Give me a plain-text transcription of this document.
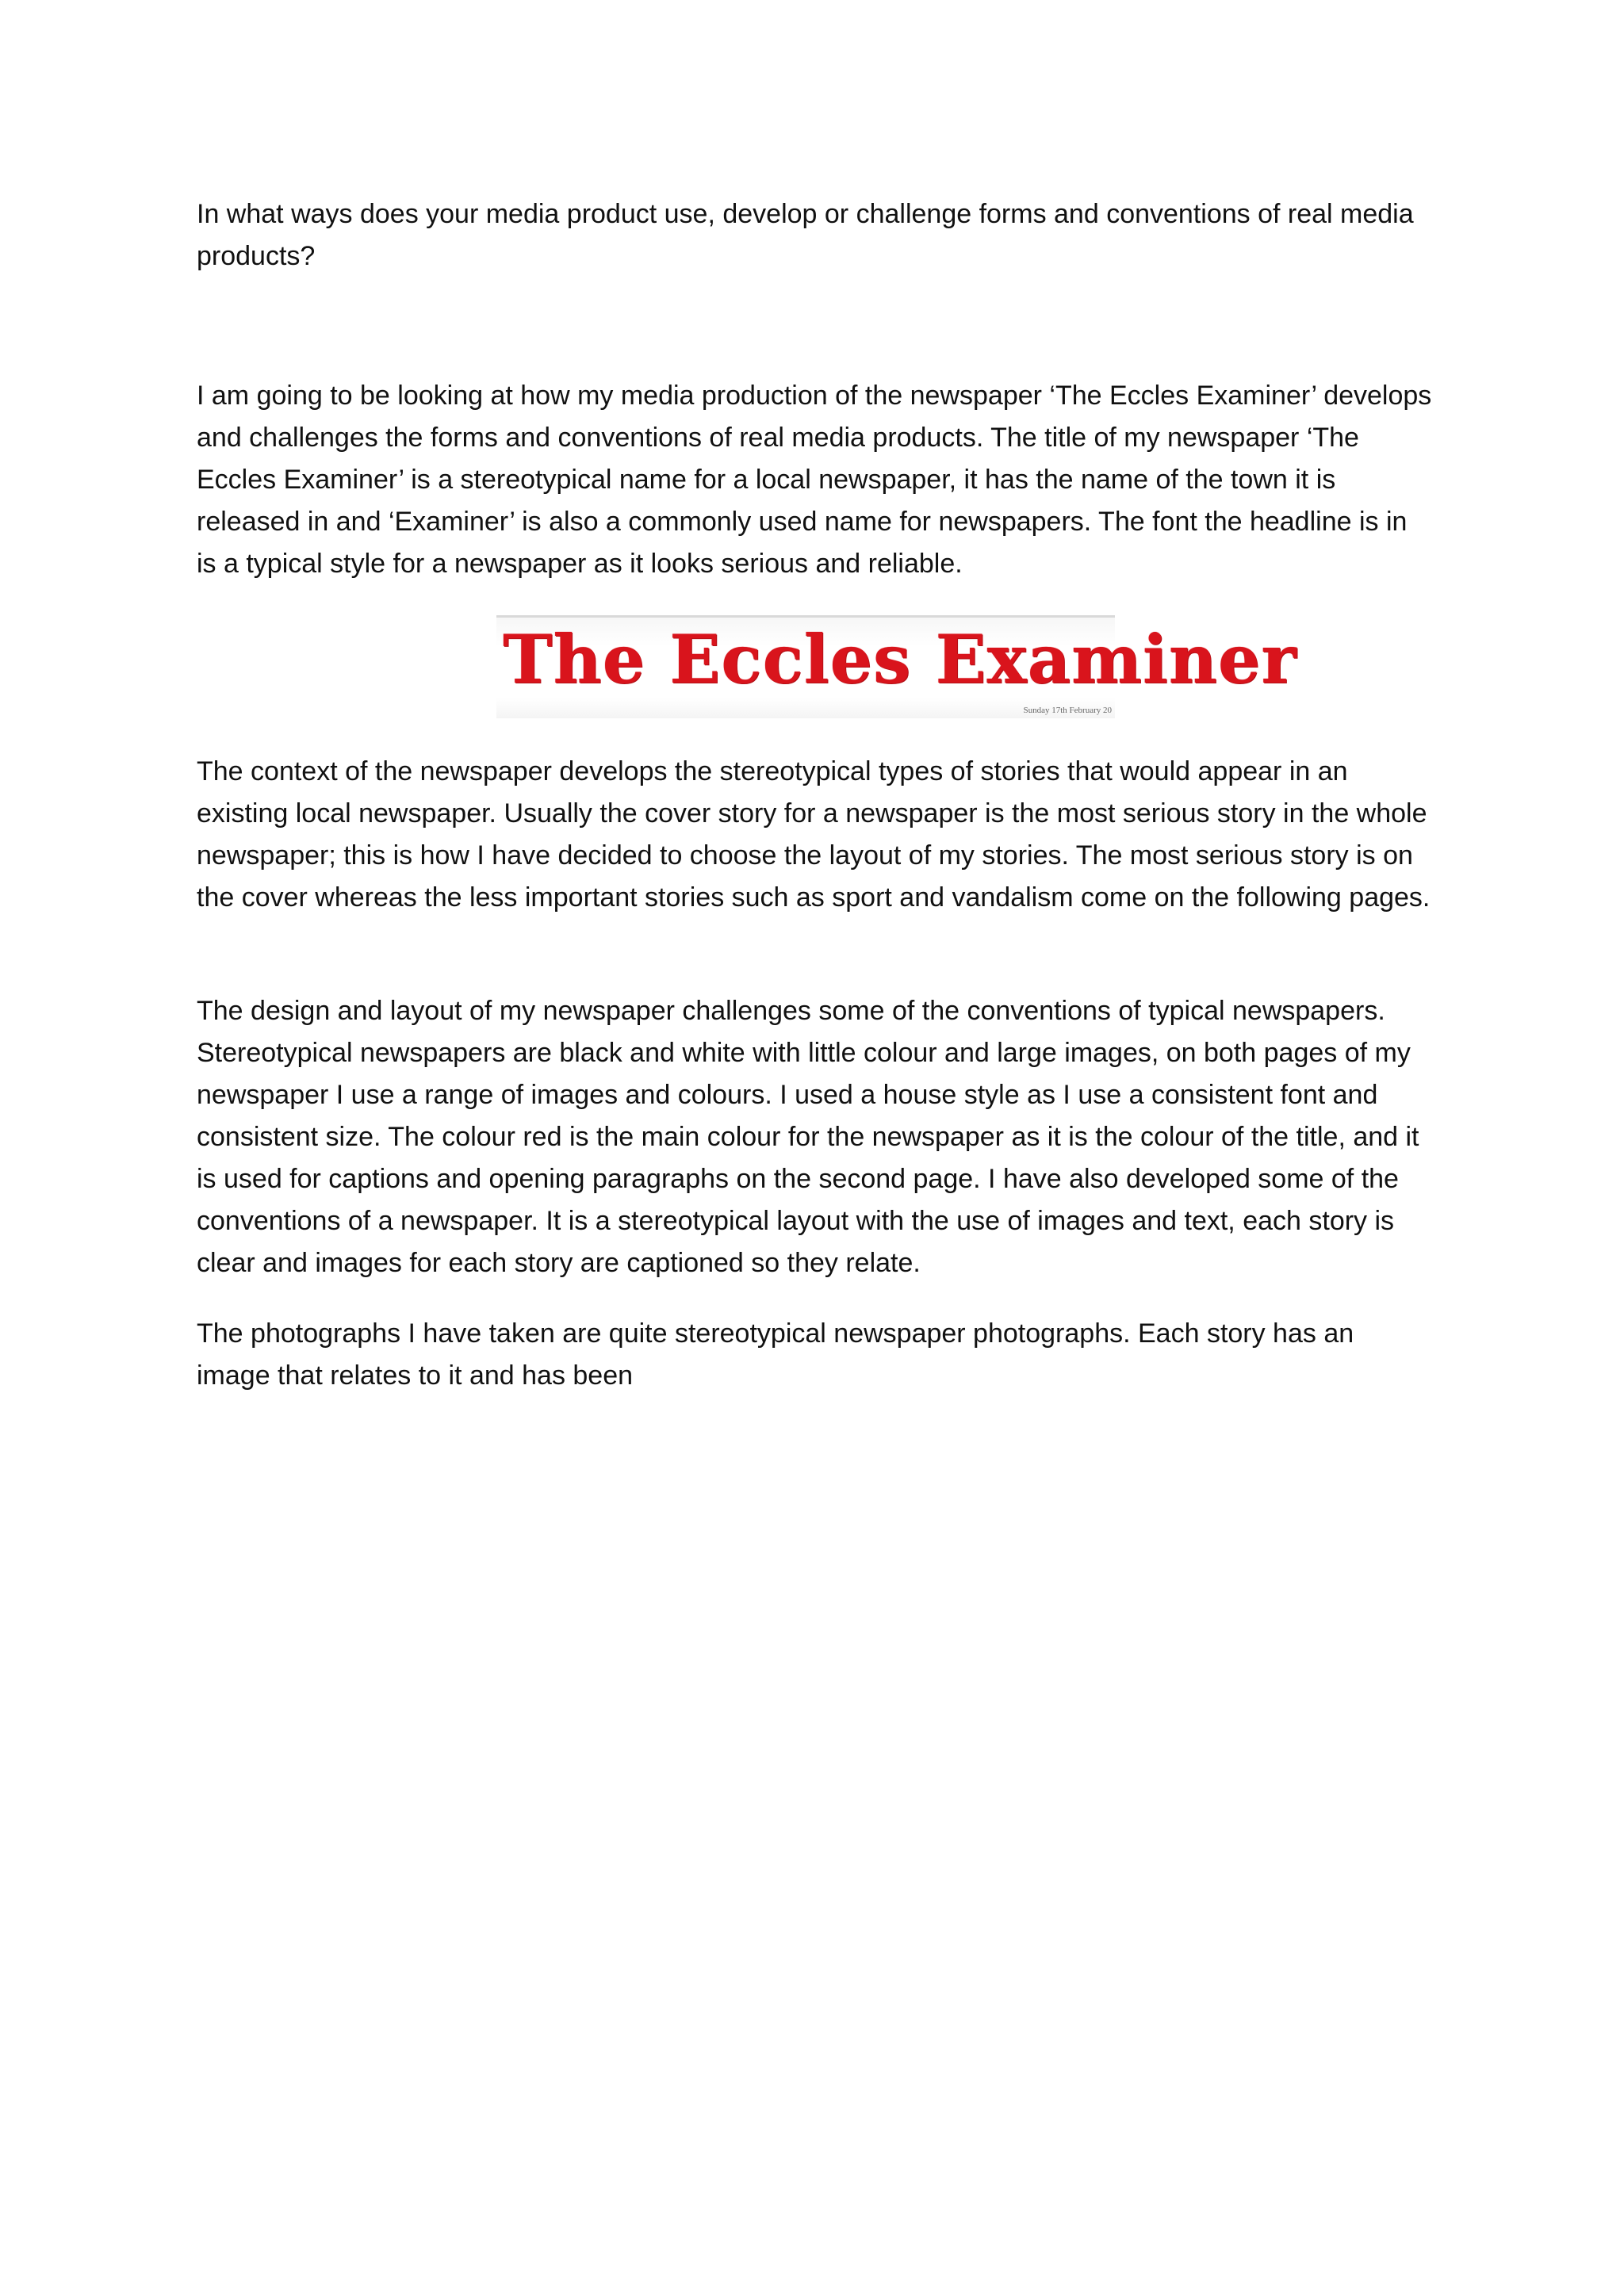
In what ways does your media product use, develop or challenge forms and conventions of real media products?

I am going to be looking at how my media production of the newspaper ‘The Eccles Examiner’ develops and challenges the forms and conventions of real media products. The title of my newspaper ‘The Eccles Examiner’ is a stereotypical name for a local newspaper, it has the name of the town it is released in and ‘Examiner’ is also a commonly used name for newspapers. The font the headline is in is a typical style for a newspaper as it looks serious and reliable.

The Eccles Examiner
Sunday 17th February 20

The context of the newspaper develops the stereotypical types of stories that would appear in an existing local newspaper. Usually the cover story for a newspaper is the most serious story in the whole newspaper; this is how I have decided to choose the layout of my stories. The most serious story is on the cover whereas the less important stories such as sport and vandalism come on the following pages.

The design and layout of my newspaper challenges some of the conventions of typical newspapers. Stereotypical newspapers are black and white with little colour and large images, on both pages of my newspaper I use a range of images and colours. I used a house style as I use a consistent font and consistent size. The colour red is the main colour for the newspaper as it is the colour of the title, and it is used for captions and opening paragraphs on the second page. I have also developed some of the conventions of a newspaper. It is a stereotypical layout with the use of images and text, each story is clear and images for each story are captioned so they relate.

The photographs I have taken are quite stereotypical newspaper photographs. Each story has an image that relates to it and has been
